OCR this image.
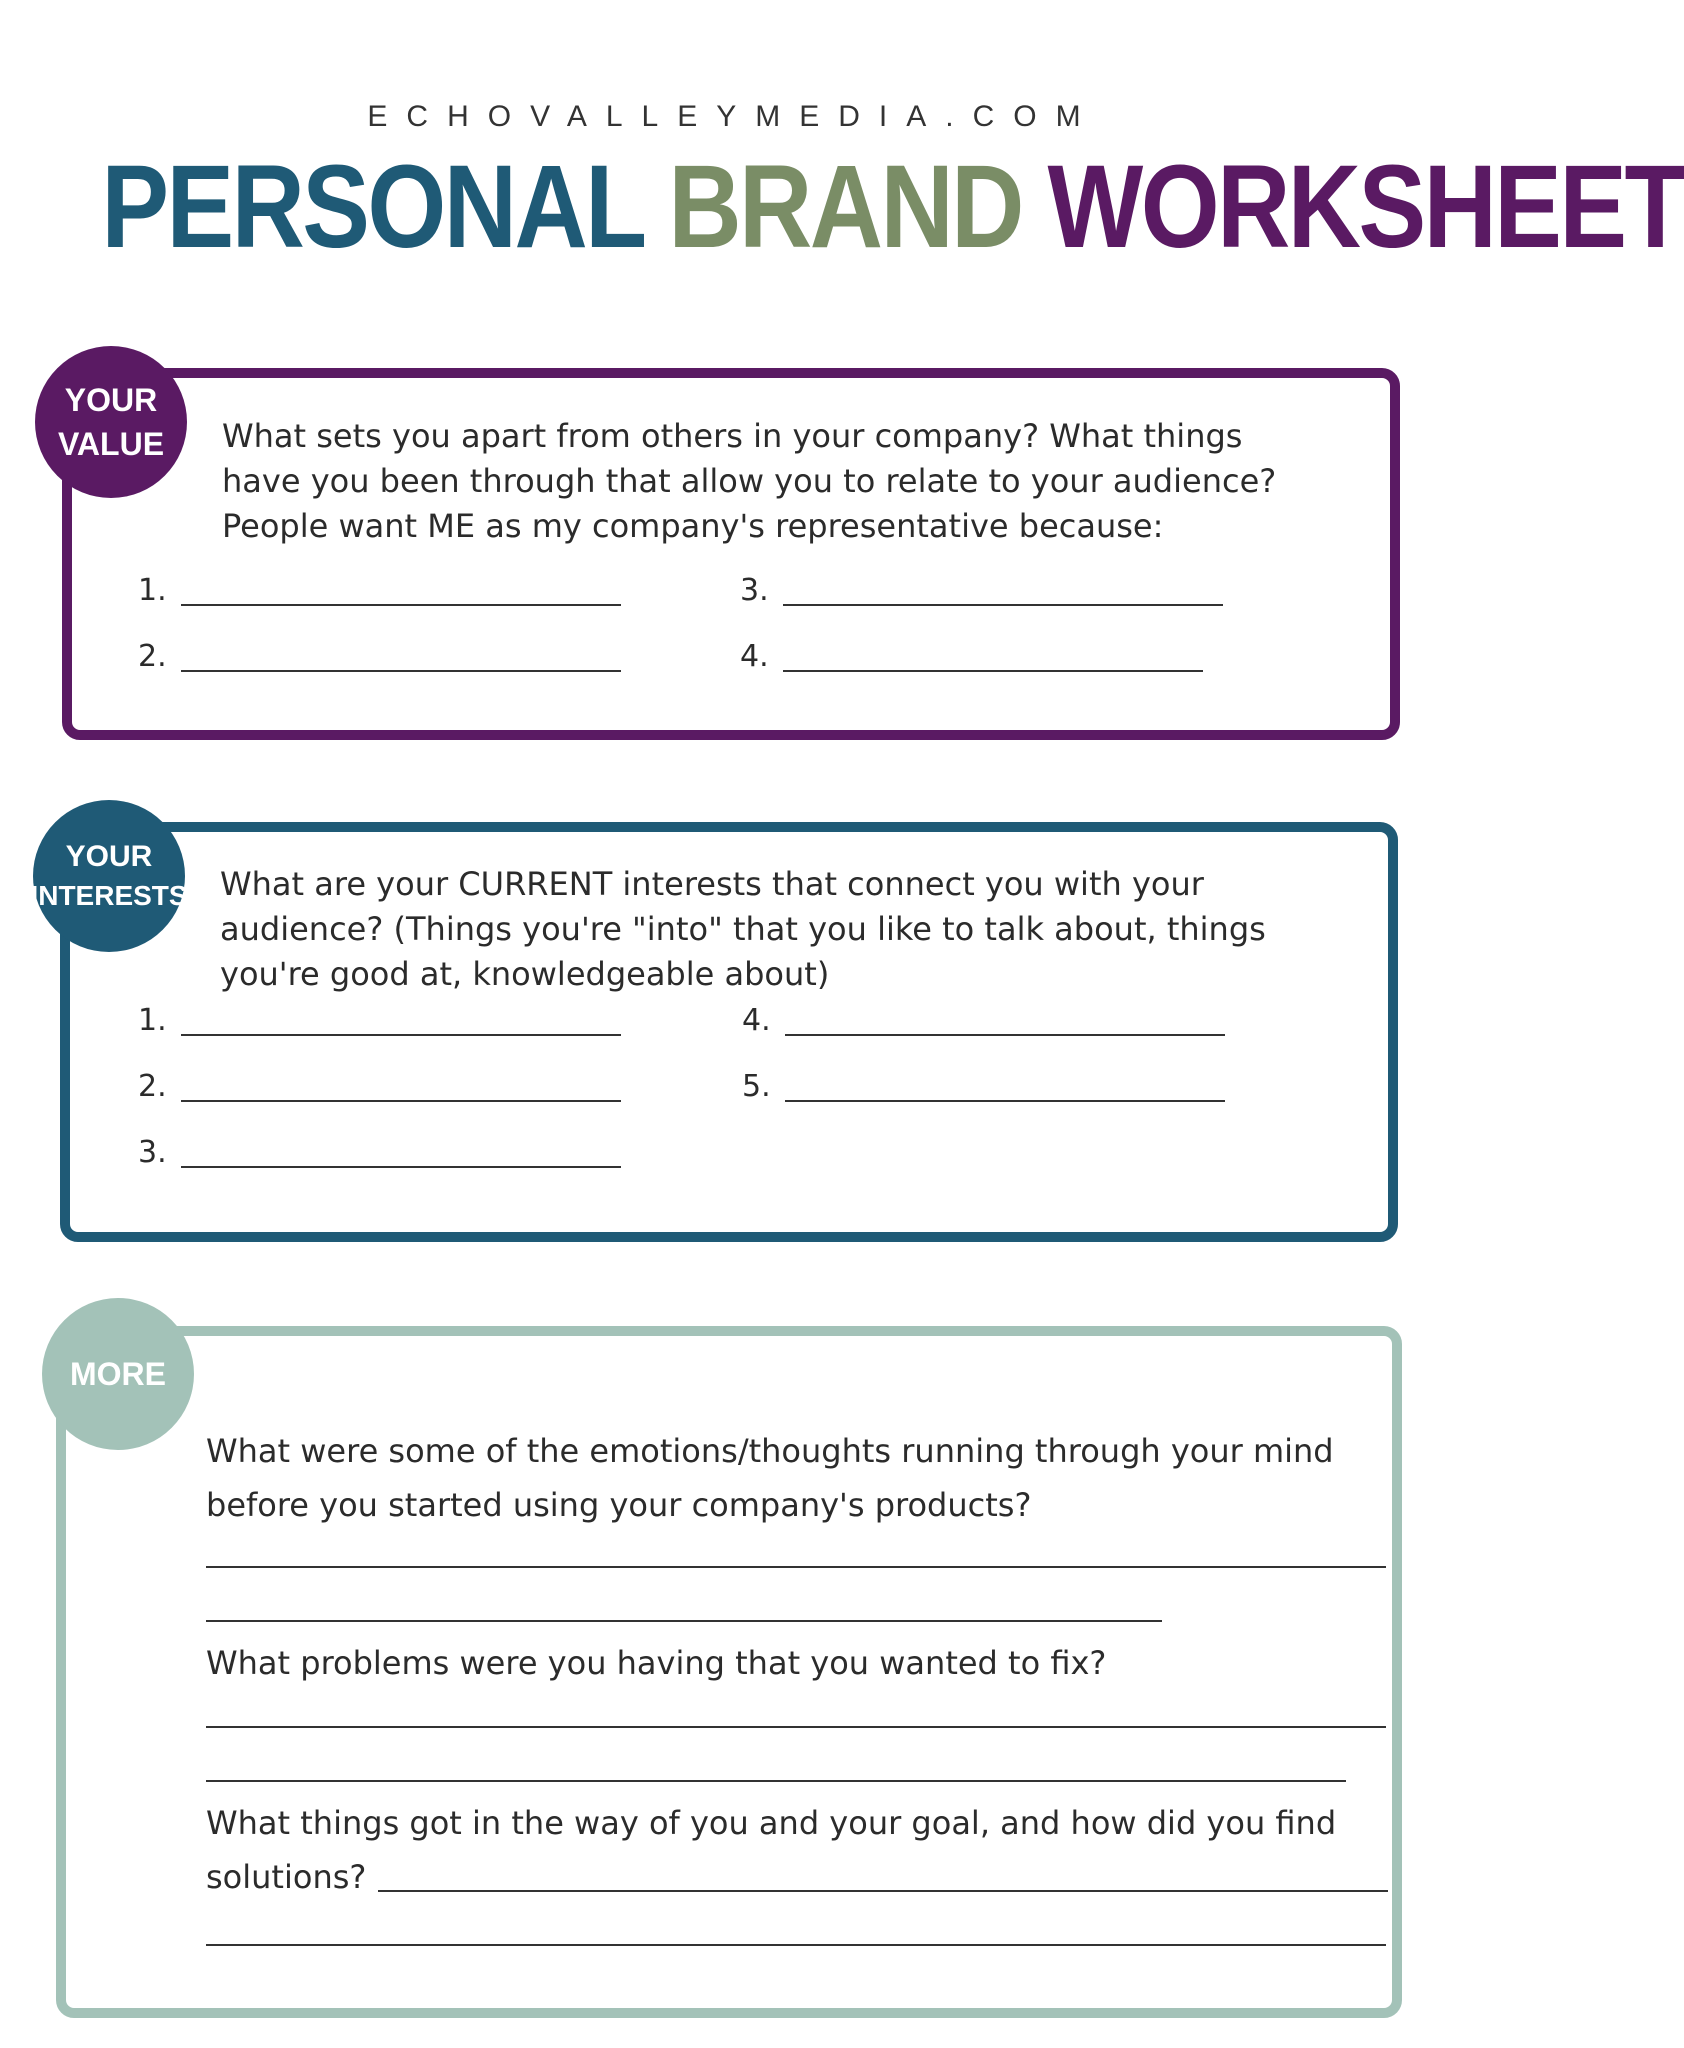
ECHOVALLEYMEDIA.COM
PERSONAL BRAND WORKSHEET
YOUR
VALUE What sets you apart from others in your company? What things
have you been through that allow you to relate to your audience?
People want ME as my company's representative because:
1.
2.
3.
4.
YOUR
INTERESTS What are your CURRENT interests that connect you with your
audience? (Things you're "into" that you like to talk about, things
you're good at, knowledgeable about)
1.
2.
3.
4.
5.
MORE
What were some of the emotions/thoughts running through your mind
before you started using your company's products?
What problems were you having that you wanted to fix?
What things got in the way of you and your goal, and how did you find
solutions?
